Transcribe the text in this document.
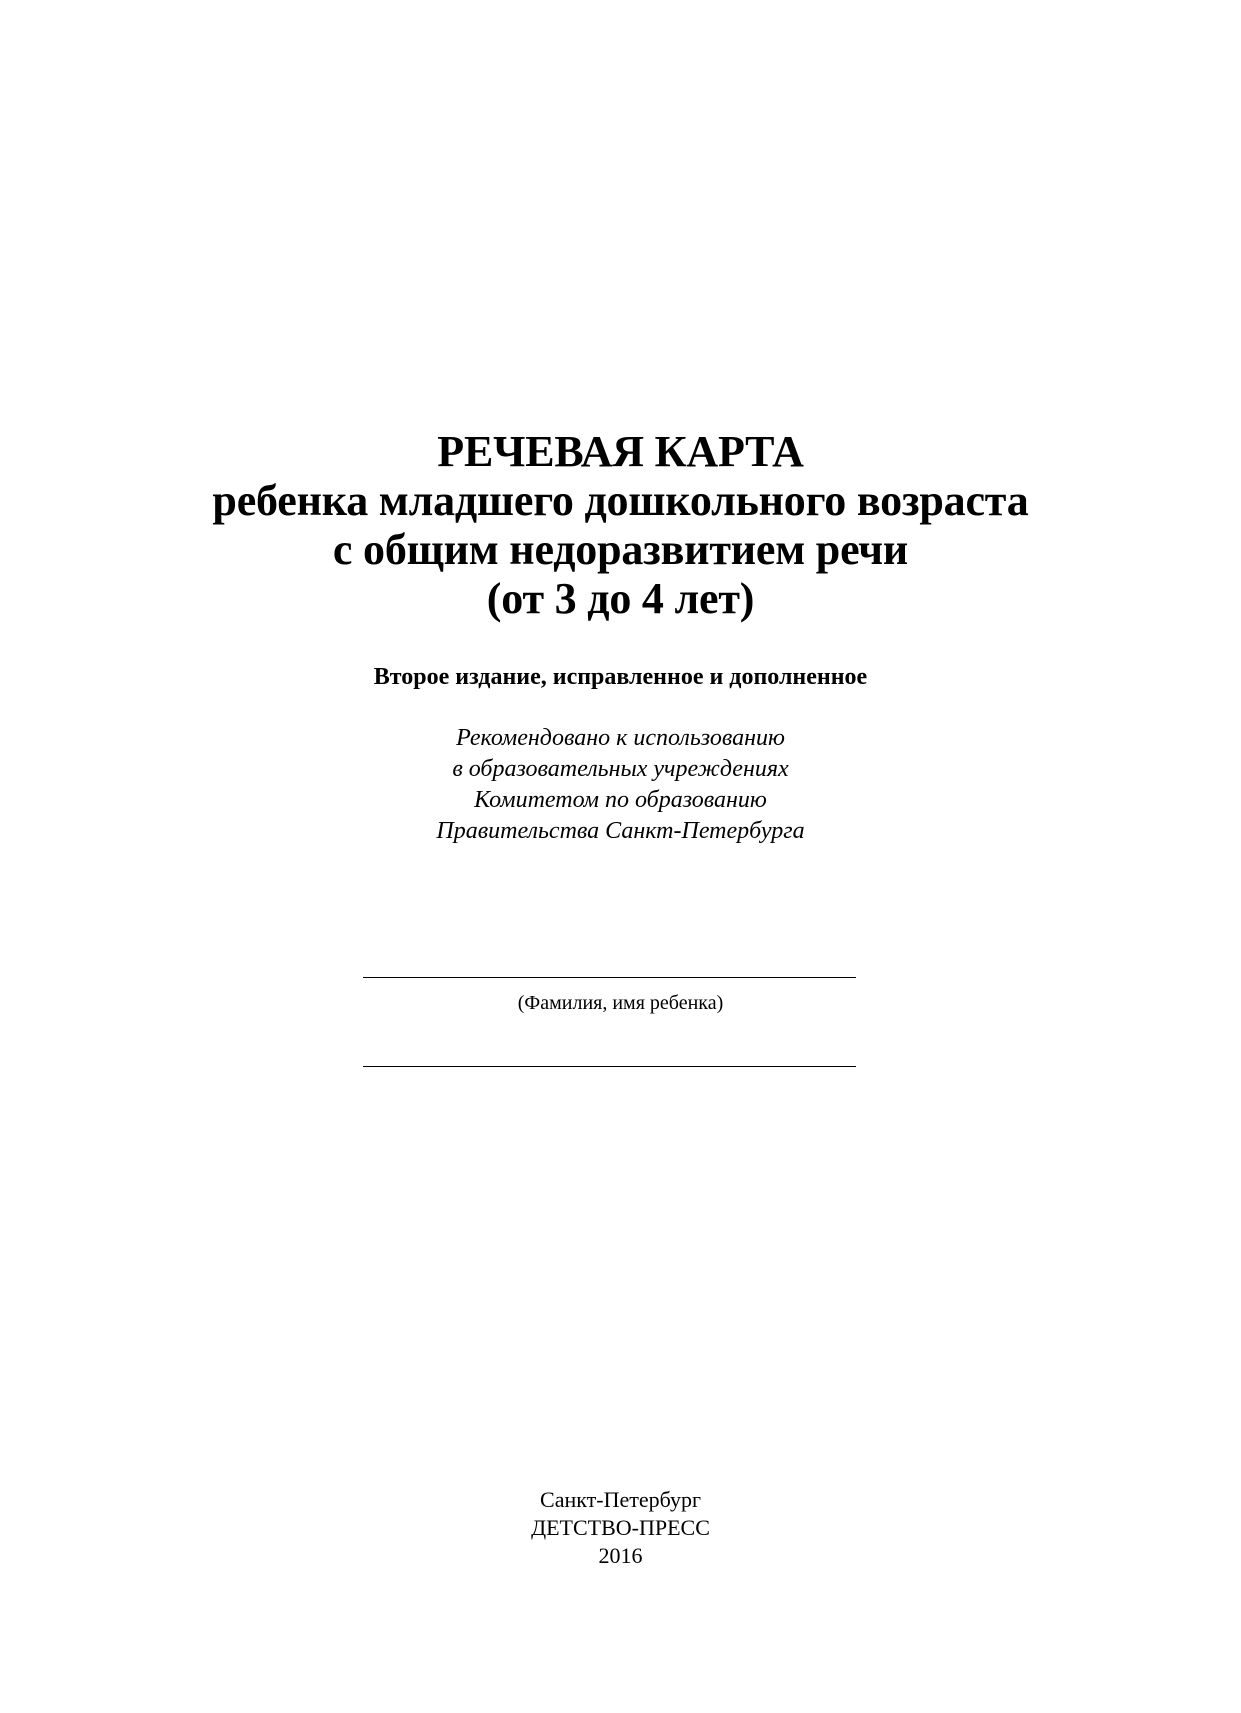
РЕЧЕВАЯ КАРТА
ребенка младшего дошкольного возраста
с общим недоразвитием речи
(от 3 до 4 лет)
Второе издание, исправленное и дополненное
Рекомендовано к использованию
в образовательных учреждениях
Комитетом по образованию
Правительства Санкт-Петербурга
(Фамилия, имя ребенка)
Санкт-Петербург
ДЕТСТВО-ПРЕСС
2016
